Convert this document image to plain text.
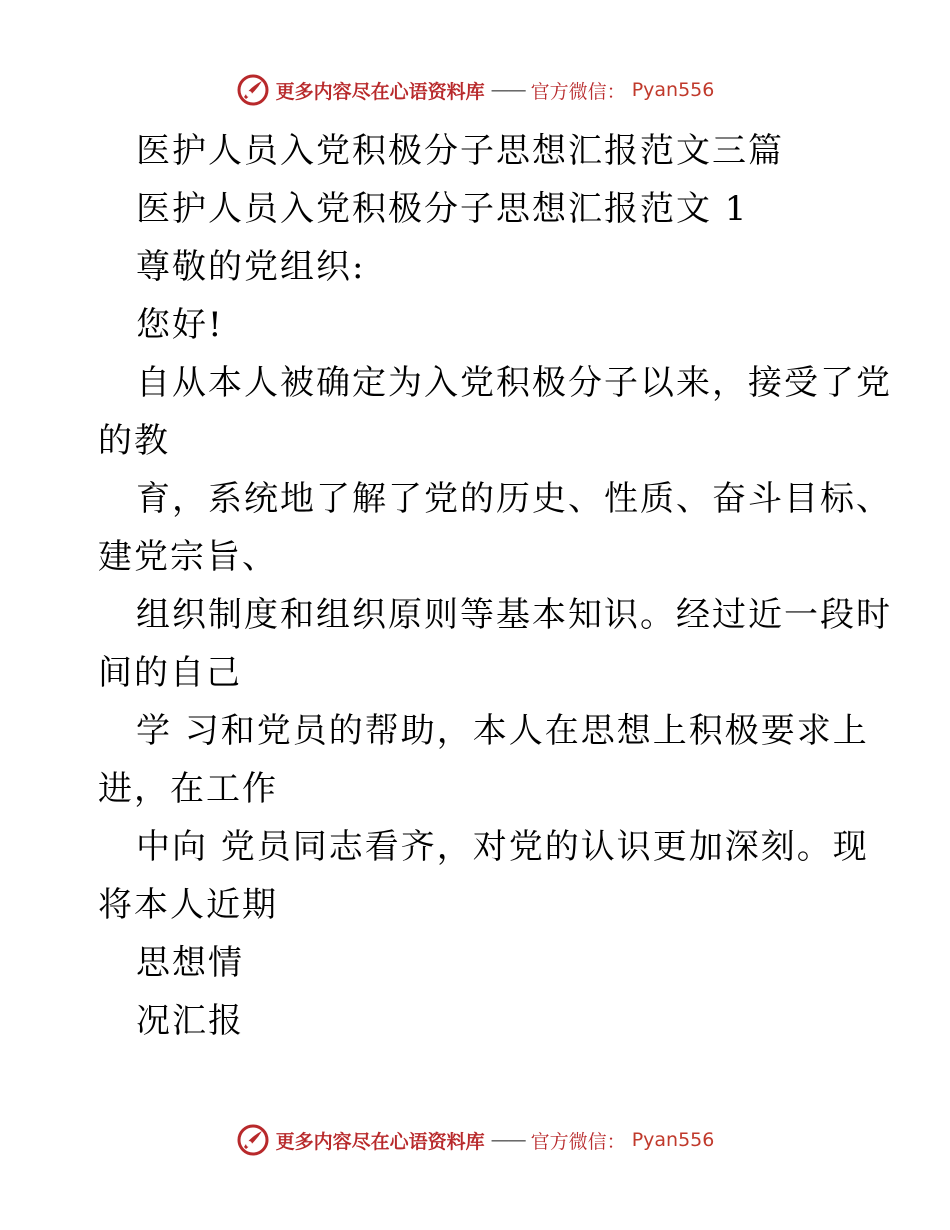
更多内容尽在心语资料库 —— 官方微信： Pyan556

医护人员入党积极分子思想汇报范文三篇

医护人员入党积极分子思想汇报范文 1

尊敬的党组织:

您好!

自从本人被确定为入党积极分子以来，接受了党

的教

育，系统地了解了党的历史、性质、奋斗目标、

建党宗旨、

组织制度和组织原则等基本知识。经过近一段时

间的自己

学 习和党员的帮助，本人在思想上积极要求上

进，在工作

中向 党员同志看齐，对党的认识更加深刻。现

将本人近期

思想情

况汇报

更多内容尽在心语资料库 —— 官方微信： Pyan556
